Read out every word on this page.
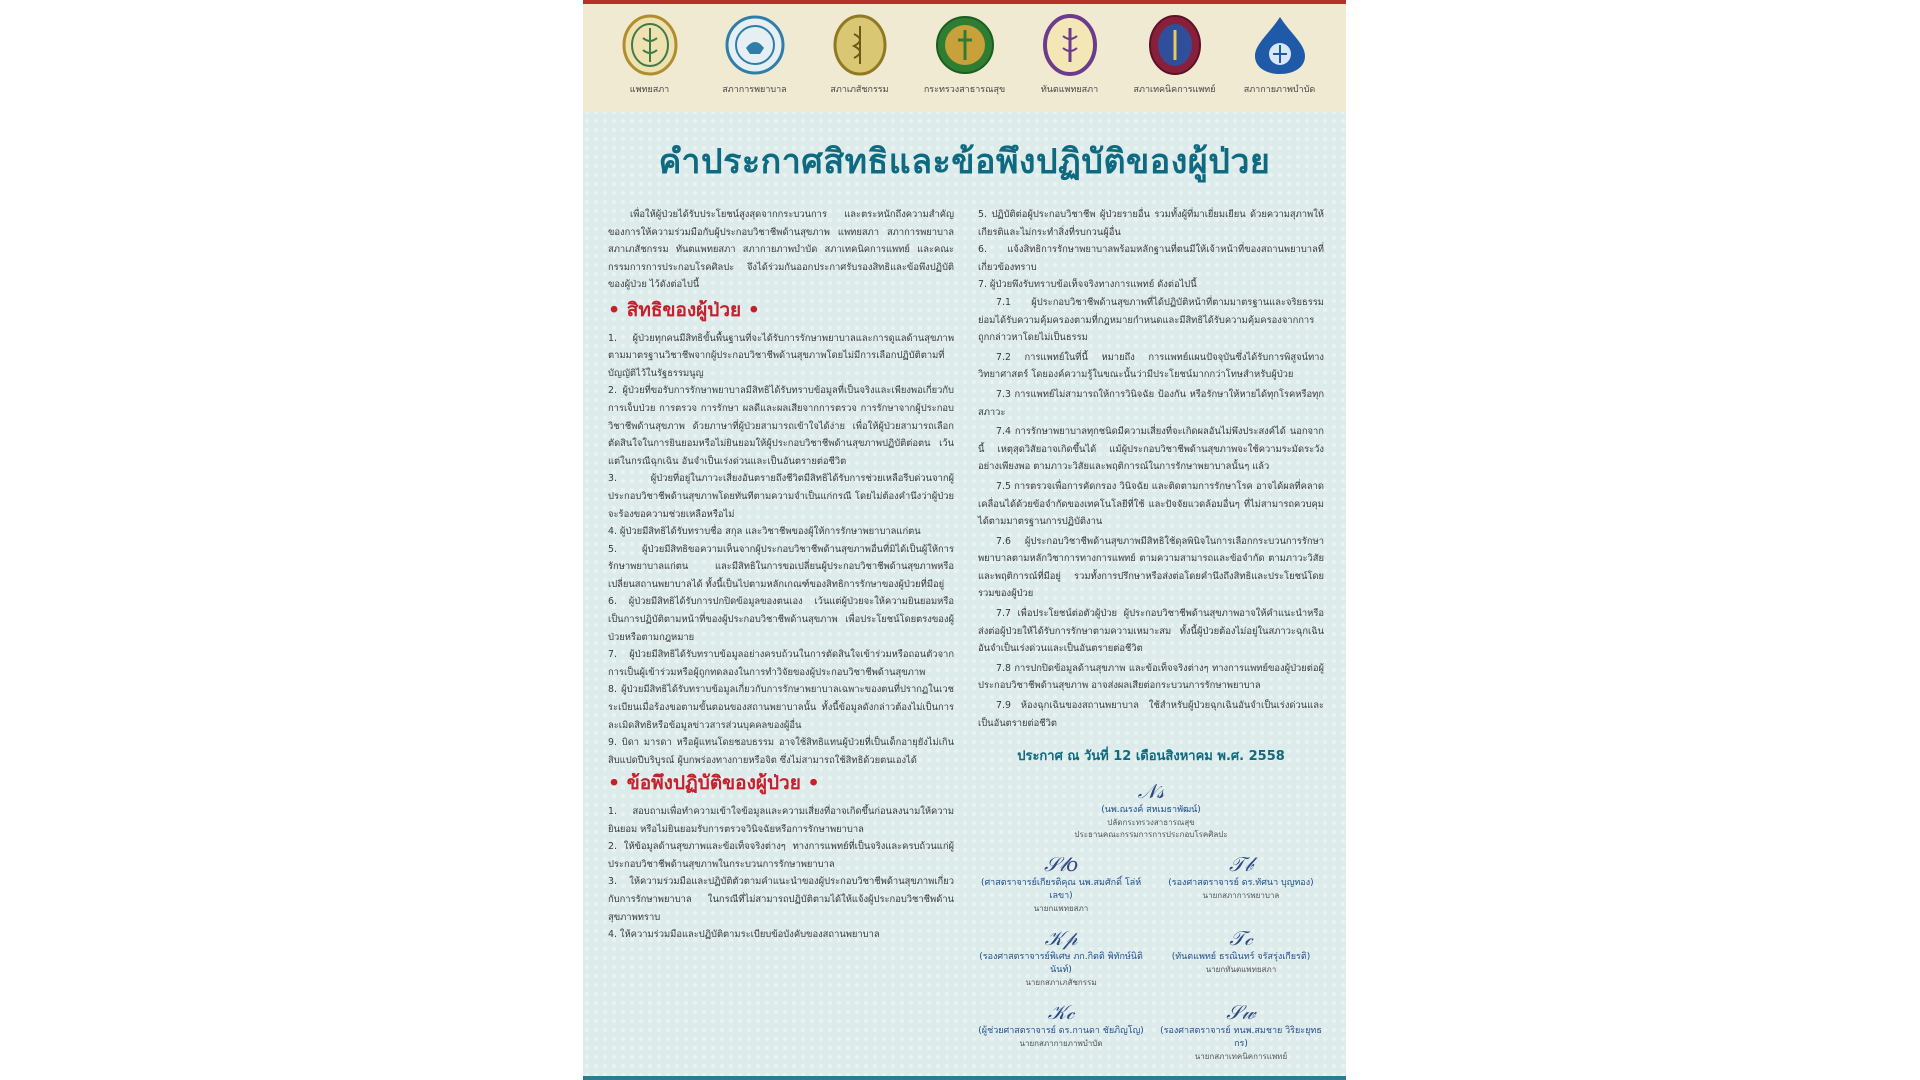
แพทยสภา	สภาการพยาบาล	สภาเภสัชกรรม	กระทรวงสาธารณสุข	ทันตแพทยสภา	สภาเทคนิคการแพทย์	สภากายภาพบำบัด
คำประกาศสิทธิและข้อพึงปฏิบัติของผู้ป่วย

เพื่อให้ผู้ป่วยได้รับประโยชน์สูงสุดจากกระบวนการ และตระหนักถึงความสำคัญของการให้ความร่วมมือกับผู้ประกอบวิชาชีพด้านสุขภาพ แพทยสภา สภาการพยาบาล สภาเภสัชกรรม ทันตแพทยสภา สภากายภาพบำบัด สภาเทคนิคการแพทย์ และคณะกรรมการการประกอบโรคศิลปะ จึงได้ร่วมกันออกประกาศรับรองสิทธิและข้อพึงปฏิบัติของผู้ป่วย ไว้ดังต่อไปนี้

• สิทธิของผู้ป่วย •

1. ผู้ป่วยทุกคนมีสิทธิขั้นพื้นฐานที่จะได้รับการรักษาพยาบาลและการดูแลด้านสุขภาพตามมาตรฐานวิชาชีพจากผู้ประกอบวิชาชีพด้านสุขภาพโดยไม่มีการเลือกปฏิบัติตามที่บัญญัติไว้ในรัฐธรรมนูญ

2. ผู้ป่วยที่ขอรับการรักษาพยาบาลมีสิทธิได้รับทราบข้อมูลที่เป็นจริงและเพียงพอเกี่ยวกับการเจ็บป่วย การตรวจ การรักษา ผลดีและผลเสียจากการตรวจ การรักษาจากผู้ประกอบวิชาชีพด้านสุขภาพ ด้วยภาษาที่ผู้ป่วยสามารถเข้าใจได้ง่าย เพื่อให้ผู้ป่วยสามารถเลือกตัดสินใจในการยินยอมหรือไม่ยินยอมให้ผู้ประกอบวิชาชีพด้านสุขภาพปฏิบัติต่อตน เว้นแต่ในกรณีฉุกเฉิน อันจำเป็นเร่งด่วนและเป็นอันตรายต่อชีวิต

3. ผู้ป่วยที่อยู่ในภาวะเสี่ยงอันตรายถึงชีวิตมีสิทธิได้รับการช่วยเหลือรีบด่วนจากผู้ประกอบวิชาชีพด้านสุขภาพโดยทันทีตามความจำเป็นแก่กรณี โดยไม่ต้องคำนึงว่าผู้ป่วยจะร้องขอความช่วยเหลือหรือไม่

4. ผู้ป่วยมีสิทธิได้รับทราบชื่อ สกุล และวิชาชีพของผู้ให้การรักษาพยาบาลแก่ตน

5. ผู้ป่วยมีสิทธิขอความเห็นจากผู้ประกอบวิชาชีพด้านสุขภาพอื่นที่มิได้เป็นผู้ให้การรักษาพยาบาลแก่ตน และมีสิทธิในการขอเปลี่ยนผู้ประกอบวิชาชีพด้านสุขภาพหรือเปลี่ยนสถานพยาบาลได้ ทั้งนี้เป็นไปตามหลักเกณฑ์ของสิทธิการรักษาของผู้ป่วยที่มีอยู่

6. ผู้ป่วยมีสิทธิได้รับการปกปิดข้อมูลของตนเอง เว้นแต่ผู้ป่วยจะให้ความยินยอมหรือเป็นการปฏิบัติตามหน้าที่ของผู้ประกอบวิชาชีพด้านสุขภาพ เพื่อประโยชน์โดยตรงของผู้ป่วยหรือตามกฎหมาย

7. ผู้ป่วยมีสิทธิได้รับทราบข้อมูลอย่างครบถ้วนในการตัดสินใจเข้าร่วมหรือถอนตัวจากการเป็นผู้เข้าร่วมหรือผู้ถูกทดลองในการทำวิจัยของผู้ประกอบวิชาชีพด้านสุขภาพ

8. ผู้ป่วยมีสิทธิได้รับทราบข้อมูลเกี่ยวกับการรักษาพยาบาลเฉพาะของตนที่ปรากฏในเวชระเบียนเมื่อร้องขอตามขั้นตอนของสถานพยาบาลนั้น ทั้งนี้ข้อมูลดังกล่าวต้องไม่เป็นการละเมิดสิทธิหรือข้อมูลข่าวสารส่วนบุคคลของผู้อื่น

9. บิดา มารดา หรือผู้แทนโดยชอบธรรม อาจใช้สิทธิแทนผู้ป่วยที่เป็นเด็กอายุยังไม่เกินสิบแปดปีบริบูรณ์ ผู้บกพร่องทางกายหรือจิต ซึ่งไม่สามารถใช้สิทธิด้วยตนเองได้

• ข้อพึงปฏิบัติของผู้ป่วย •

1. สอบถามเพื่อทำความเข้าใจข้อมูลและความเสี่ยงที่อาจเกิดขึ้นก่อนลงนามให้ความยินยอม หรือไม่ยินยอมรับการตรวจวินิจฉัยหรือการรักษาพยาบาล

2. ให้ข้อมูลด้านสุขภาพและข้อเท็จจริงต่างๆ ทางการแพทย์ที่เป็นจริงและครบถ้วนแก่ผู้ประกอบวิชาชีพด้านสุขภาพในกระบวนการรักษาพยาบาล

3. ให้ความร่วมมือและปฏิบัติตัวตามคำแนะนำของผู้ประกอบวิชาชีพด้านสุขภาพเกี่ยวกับการรักษาพยาบาล ในกรณีที่ไม่สามารถปฏิบัติตามได้ให้แจ้งผู้ประกอบวิชาชีพด้านสุขภาพทราบ

4. ให้ความร่วมมือและปฏิบัติตามระเบียบข้อบังคับของสถานพยาบาล

5. ปฏิบัติต่อผู้ประกอบวิชาชีพ ผู้ป่วยรายอื่น รวมทั้งผู้ที่มาเยี่ยมเยียน ด้วยความสุภาพให้เกียรติและไม่กระทำสิ่งที่รบกวนผู้อื่น

6. แจ้งสิทธิการรักษาพยาบาลพร้อมหลักฐานที่ตนมีให้เจ้าหน้าที่ของสถานพยาบาลที่เกี่ยวข้องทราบ

7. ผู้ป่วยพึงรับทราบข้อเท็จจริงทางการแพทย์ ดังต่อไปนี้

7.1 ผู้ประกอบวิชาชีพด้านสุขภาพที่ได้ปฏิบัติหน้าที่ตามมาตรฐานและจริยธรรม ย่อมได้รับความคุ้มครองตามที่กฎหมายกำหนดและมีสิทธิได้รับความคุ้มครองจากการถูกกล่าวหาโดยไม่เป็นธรรม

7.2 การแพทย์ในที่นี้ หมายถึง การแพทย์แผนปัจจุบันซึ่งได้รับการพิสูจน์ทางวิทยาศาสตร์ โดยองค์ความรู้ในขณะนั้นว่ามีประโยชน์มากกว่าโทษสำหรับผู้ป่วย

7.3 การแพทย์ไม่สามารถให้การวินิจฉัย ป้องกัน หรือรักษาให้หายได้ทุกโรคหรือทุกสภาวะ

7.4 การรักษาพยาบาลทุกชนิดมีความเสี่ยงที่จะเกิดผลอันไม่พึงประสงค์ได้ นอกจากนี้ เหตุสุดวิสัยอาจเกิดขึ้นได้ แม้ผู้ประกอบวิชาชีพด้านสุขภาพจะใช้ความระมัดระวังอย่างเพียงพอ ตามภาวะวิสัยและพฤติการณ์ในการรักษาพยาบาลนั้นๆ แล้ว

7.5 การตรวจเพื่อการคัดกรอง วินิจฉัย และติดตามการรักษาโรค อาจได้ผลที่คลาดเคลื่อนได้ด้วยข้อจำกัดของเทคโนโลยีที่ใช้ และปัจจัยแวดล้อมอื่นๆ ที่ไม่สามารถควบคุมได้ตามมาตรฐานการปฏิบัติงาน

7.6 ผู้ประกอบวิชาชีพด้านสุขภาพมีสิทธิใช้ดุลพินิจในการเลือกกระบวนการรักษาพยาบาลตามหลักวิชาการทางการแพทย์ ตามความสามารถและข้อจำกัด ตามภาวะวิสัยและพฤติการณ์ที่มีอยู่ รวมทั้งการปรึกษาหรือส่งต่อโดยคำนึงถึงสิทธิและประโยชน์โดยรวมของผู้ป่วย

7.7 เพื่อประโยชน์ต่อตัวผู้ป่วย ผู้ประกอบวิชาชีพด้านสุขภาพอาจให้คำแนะนำหรือส่งต่อผู้ป่วยให้ได้รับการรักษาตามความเหมาะสม ทั้งนี้ผู้ป่วยต้องไม่อยู่ในสภาวะฉุกเฉินอันจำเป็นเร่งด่วนและเป็นอันตรายต่อชีวิต

7.8 การปกปิดข้อมูลด้านสุขภาพ และข้อเท็จจริงต่างๆ ทางการแพทย์ของผู้ป่วยต่อผู้ประกอบวิชาชีพด้านสุขภาพ อาจส่งผลเสียต่อกระบวนการรักษาพยาบาล

7.9 ห้องฉุกเฉินของสถานพยาบาล ใช้สำหรับผู้ป่วยฉุกเฉินอันจำเป็นเร่งด่วนและเป็นอันตรายต่อชีวิต

ประกาศ ณ วันที่ 12 เดือนสิงหาคม พ.ศ. 2558
𝒩𝓈
(นพ.ณรงค์ สหเมธาพัฒน์)
ปลัดกระทรวงสาธารณสุข
ประธานคณะกรรมการการประกอบโรคศิลปะ
𝒮𝓁𝑜
(ศาสตราจารย์เกียรติคุณ นพ.สมศักดิ์ โล่ห์เลขา)
นายกแพทยสภา
𝒯𝒷
(รองศาสตราจารย์ ดร.ทัศนา บุญทอง)
นายกสภาการพยาบาล
𝒦𝓅
(รองศาสตราจารย์พิเศษ ภก.กิตติ พิทักษ์นิตินันท์)
นายกสภาเภสัชกรรม
𝒯𝒸
(ทันตแพทย์ ธรณินทร์ จรัสรุ่งเกียรติ)
นายกทันตแพทยสภา
𝒦𝒸
(ผู้ช่วยศาสตราจารย์ ดร.กานดา ชัยภิญโญ)
นายกสภากายภาพบำบัด
𝒮𝓌
(รองศาสตราจารย์ ทนพ.สมชาย วิริยะยุทธกร)
นายกสภาเทคนิคการแพทย์
